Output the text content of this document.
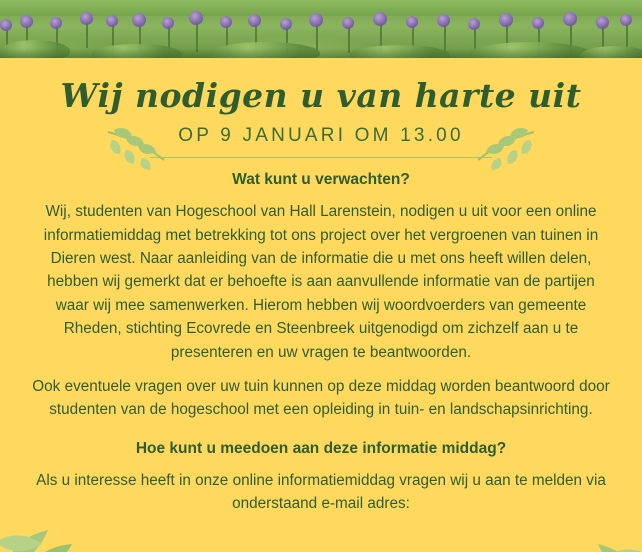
Wij nodigen u van harte uit
OP 9 JANUARI OM 13.00
Wat kunt u verwachten?
Wij, studenten van Hogeschool van Hall Larenstein, nodigen u uit voor een online informatiemiddag met betrekking tot ons project over het vergroenen van tuinen in Dieren west. Naar aanleiding van de informatie die u met ons heeft willen delen, hebben wij gemerkt dat er behoefte is aan aanvullende informatie van de partijen waar wij mee samenwerken. Hierom hebben wij woordvoerders van gemeente Rheden, stichting Ecovrede en Steenbreek uitgenodigd om zichzelf aan u te presenteren en uw vragen te beantwoorden.
Ook eventuele vragen over uw tuin kunnen op deze middag worden beantwoord door studenten van de hogeschool met een opleiding in tuin- en landschapsinrichting.
Hoe kunt u meedoen aan deze informatie middag?
Als u interesse heeft in onze online informatiemiddag vragen wij u aan te melden via onderstaand e-mail adres:
